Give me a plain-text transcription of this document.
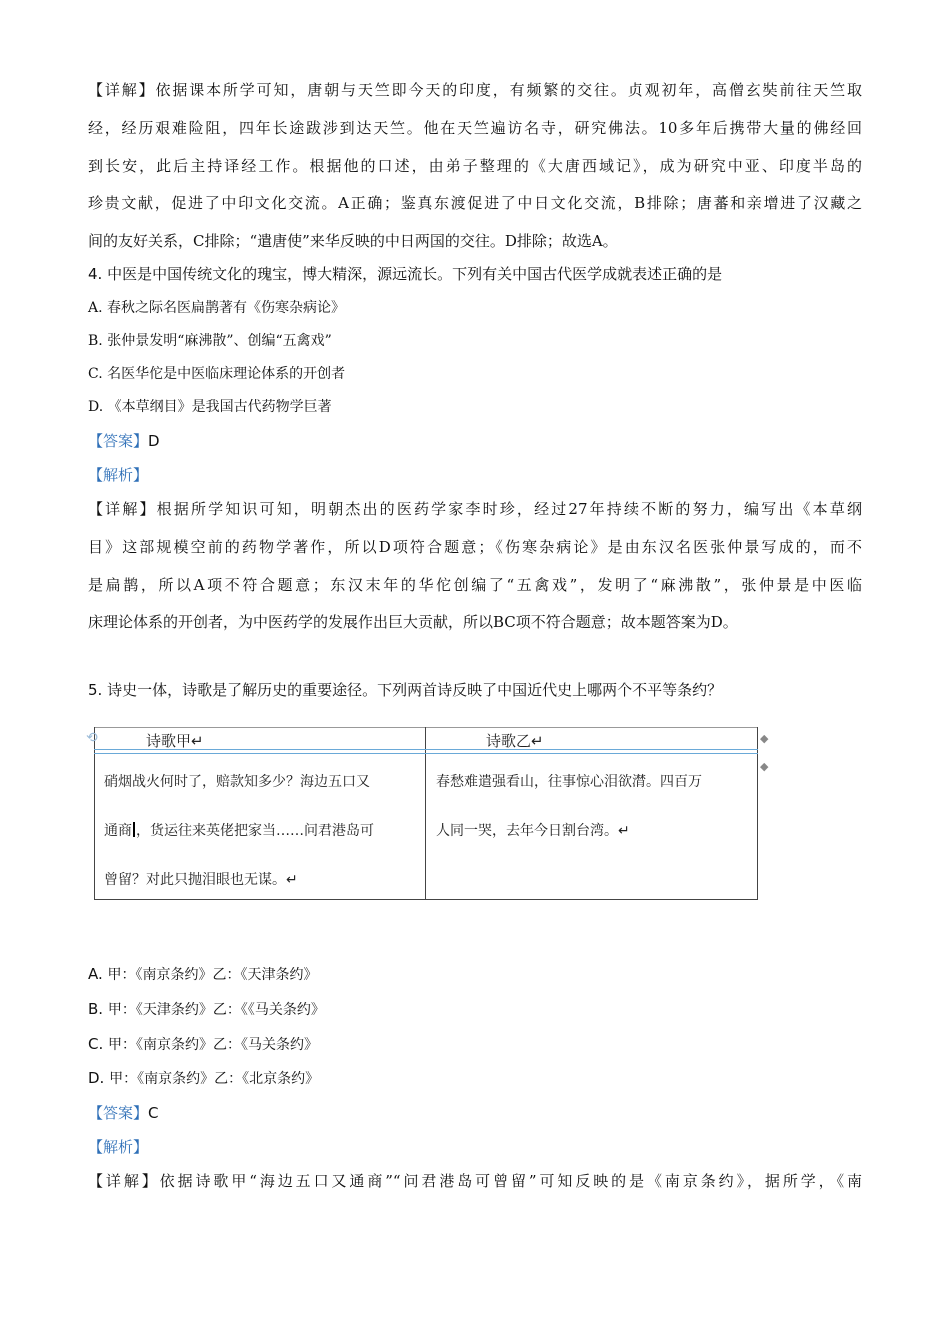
【详解】依据课本所学可知，唐朝与天竺即今天的印度，有频繁的交往。贞观初年，高僧玄奘前往天竺取
经，经历艰难险阻，四年长途跋涉到达天竺。他在天竺遍访名寺，研究佛法。10多年后携带大量的佛经回
到长安，此后主持译经工作。根据他的口述，由弟子整理的《大唐西域记》，成为研究中亚、印度半岛的
珍贵文献，促进了中印文化交流。A正确；鉴真东渡促进了中日文化交流，B排除；唐蕃和亲增进了汉藏之
间的友好关系，C排除；“遣唐使”来华反映的中日两国的交往。D排除；故选A。
4. 中医是中国传统文化的瑰宝，博大精深，源远流长。下列有关中国古代医学成就表述正确的是
A. 春秋之际名医扁鹊著有《伤寒杂病论》
B. 张仲景发明“麻沸散”、创编“五禽戏”
C. 名医华佗是中医临床理论体系的开创者
D. 《本草纲目》是我国古代药物学巨著
【答案】D
【解析】
【详解】根据所学知识可知，明朝杰出的医药学家李时珍，经过27年持续不断的努力，编写出《本草纲
目》这部规模空前的药物学著作，所以D项符合题意；《伤寒杂病论》是由东汉名医张仲景写成的，而不
是扁鹊，所以A项不符合题意；东汉末年的华佗创编了“五禽戏”，发明了“麻沸散”，张仲景是中医临
床理论体系的开创者，为中医药学的发展作出巨大贡献，所以BC项不符合题意；故本题答案为D。
5. 诗史一体，诗歌是了解历史的重要途径。下列两首诗反映了中国近代史上哪两个不平等条约？
⟲	◆
◆
诗歌甲↵	诗歌乙↵
硝烟战火何时了，赔款知多少？海边五口又
通商 ，货运往来英佬把家当……问君港岛可
曾留？对此只抛泪眼也无谋。↵
春愁难遣强看山，往事惊心泪欲潸。四百万
人同一哭，去年今日割台湾。↵
A. 甲：《南京条约》乙：《天津条约》
B. 甲：《天津条约》乙：《《马关条约》
C. 甲：《南京条约》乙：《马关条约》
D. 甲：《南京条约》乙：《北京条约》
【答案】C
【解析】
【详解】依据诗歌甲“海边五口又通商”“问君港岛可曾留”可知反映的是《南京条约》，据所学，《南
